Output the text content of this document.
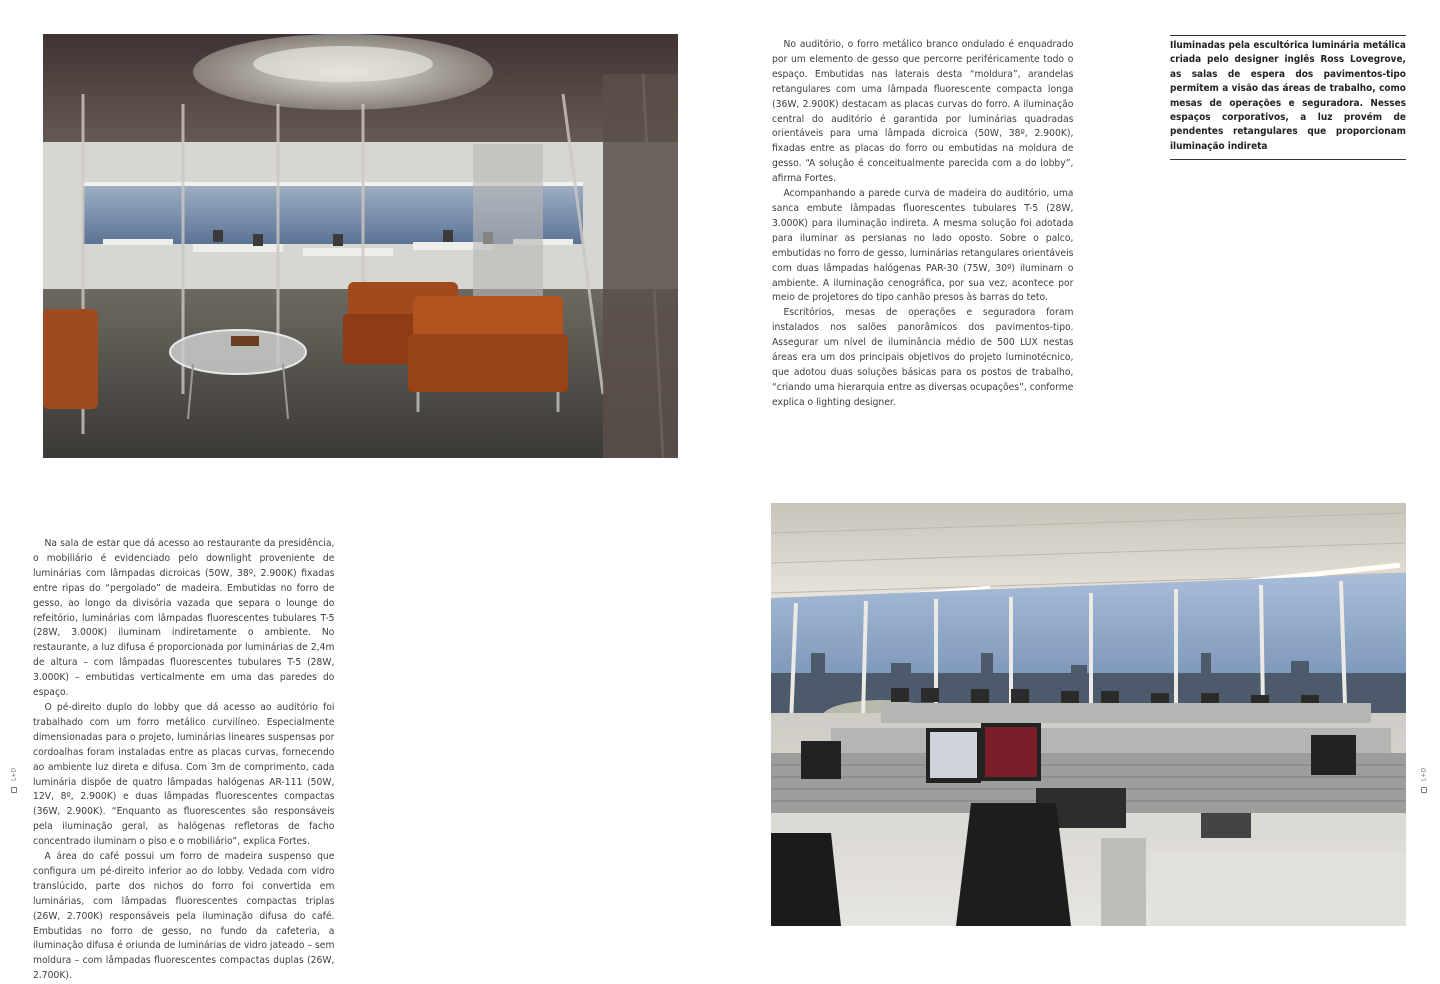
No auditório, o forro metálico branco ondulado é enquadrado por um elemento de gesso que percorre periféricamente todo o espaço. Embutidas nas laterais desta “moldura”, arandelas retangulares com uma lâmpada fluorescente compacta longa (36W, 2.900K) destacam as placas curvas do forro. A iluminação central do auditório é garantida por luminárias quadradas orientáveis para uma lâmpada dicroica (50W, 38º, 2.900K), fixadas entre as placas do forro ou embutidas na moldura de gesso. “A solução é conceitualmente parecida com a do lobby”, afirma Fortes.

Acompanhando a parede curva de madeira do auditório, uma sanca embute lâmpadas fluorescentes tubulares T-5 (28W, 3.000K) para iluminação indireta. A mesma solução foi adotada para iluminar as persianas no lado oposto. Sobre o palco, embutidas no forro de gesso, luminárias retangulares orientáveis com duas lâmpadas halógenas PAR-30 (75W, 30º) iluminam o ambiente. A iluminação cenográfica, por sua vez, acontece por meio de projetores do tipo canhão presos às barras do teto.

Escritórios, mesas de operações e seguradora foram instalados nos salões panorâmicos dos pavimentos-tipo. Assegurar um nível de iluminância médio de 500 LUX nestas áreas era um dos principais objetivos do projeto luminotécnico, que adotou duas soluções básicas para os postos de trabalho, “criando uma hierarquia entre as diversas ocupações”, conforme explica o lighting designer.

Iluminadas pela escultórica luminária metálica criada pelo designer inglês Ross Lovegrove, as salas de espera dos pavimentos-tipo permitem a visão das áreas de trabalho, como mesas de operações e seguradora. Nesses espaços corporativos, a luz provém de pendentes retangulares que proporcionam iluminação indireta

Na sala de estar que dá acesso ao restaurante da presidência, o mobiliário é evidenciado pelo downlight proveniente de luminárias com lâmpadas dicroicas (50W, 38º, 2.900K) fixadas entre ripas do “pergolado” de madeira. Embutidas no forro de gesso, ao longo da divisória vazada que separa o lounge do refeitório, luminárias com lâmpadas fluorescentes tubulares T-5 (28W, 3.000K) iluminam indiretamente o ambiente. No restaurante, a luz difusa é proporcionada por luminárias de 2,4m de altura – com lâmpadas fluorescentes tubulares T-5 (28W, 3.000K) – embutidas verticalmente em uma das paredes do espaço.

O pé-direito duplo do lobby que dá acesso ao auditório foi trabalhado com um forro metálico curvilíneo. Especialmente dimensionadas para o projeto, luminárias lineares suspensas por cordoalhas foram instaladas entre as placas curvas, fornecendo ao ambiente luz direta e difusa. Com 3m de comprimento, cada luminária dispõe de quatro lâmpadas halógenas AR-111 (50W, 12V, 8º, 2.900K) e duas lâmpadas fluorescentes compactas (36W, 2.900K). “Enquanto as fluorescentes são responsáveis pela iluminação geral, as halógenas refletoras de facho concentrado iluminam o piso e o mobiliário”, explica Fortes.

A área do café possui um forro de madeira suspenso que configura um pé-direito inferior ao do lobby. Vedada com vidro translúcido, parte dos nichos do forro foi convertida em luminárias, com lâmpadas fluorescentes compactas triplas (26W, 2.700K) responsáveis pela iluminação difusa do café. Embutidas no forro de gesso, no fundo da cafeteria, a iluminação difusa é oriunda de luminárias de vidro jateado – sem moldura – com lâmpadas fluorescentes compactas duplas (26W, 2.700K).

L+D	L+D
